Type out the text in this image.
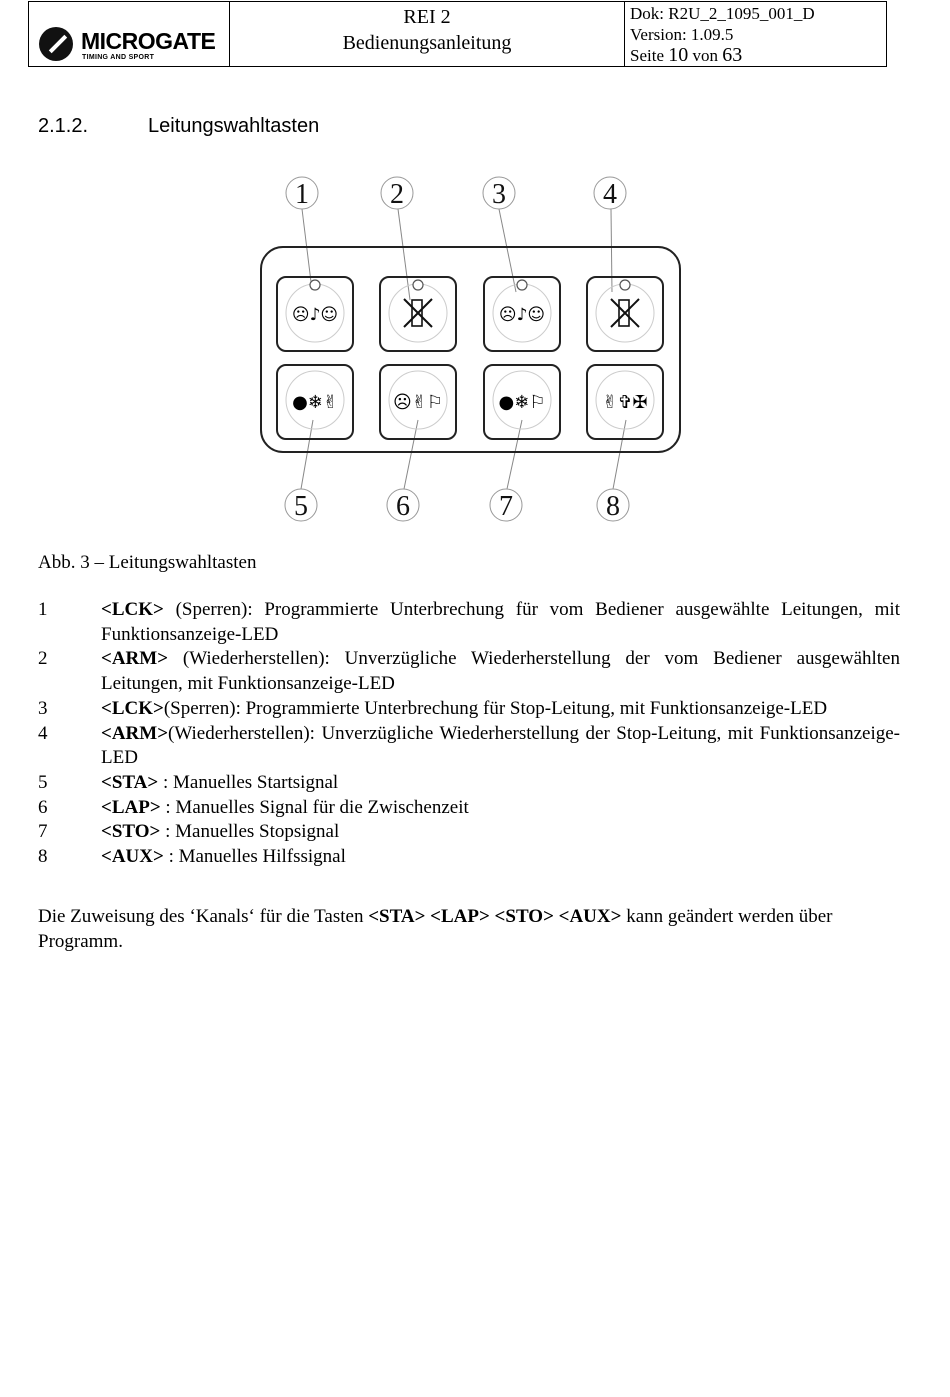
MICROGATE
TIMING AND SPORT
REI 2
Bedienungsanleitung
Dok: R2U_2_1095_001_D
Version: 1.09.5
Seite 10 von 63
2.1.2.	Leitungswahltasten
☹♪☺	☹♪☺
●❄✌	☹✌⚐	●❄⚐	✌✞✠
1	2	3	4
5	6	7	8
Abb. 3 – Leitungswahltasten
1	<LCK> (Sperren): Programmierte Unterbrechung für vom Bediener ausgewählte Leitungen, mit Funktionsanzeige-LED
2	<ARM> (Wiederherstellen): Unverzügliche Wiederherstellung der vom Bediener ausgewählten Leitungen, mit Funktionsanzeige-LED
3	<LCK>(Sperren): Programmierte Unterbrechung für Stop-Leitung, mit Funktionsanzeige-LED
4	<ARM>(Wiederherstellen): Unverzügliche Wiederherstellung der Stop-Leitung, mit Funktionsanzeige-LED
5	<STA> : Manuelles Startsignal
6	<LAP> : Manuelles Signal für die Zwischenzeit
7	<STO> : Manuelles Stopsignal
8	<AUX> : Manuelles Hilfssignal
Die Zuweisung des ‘Kanals‘ für die Tasten <STA> <LAP> <STO> <AUX> kann geändert werden über Programm.
